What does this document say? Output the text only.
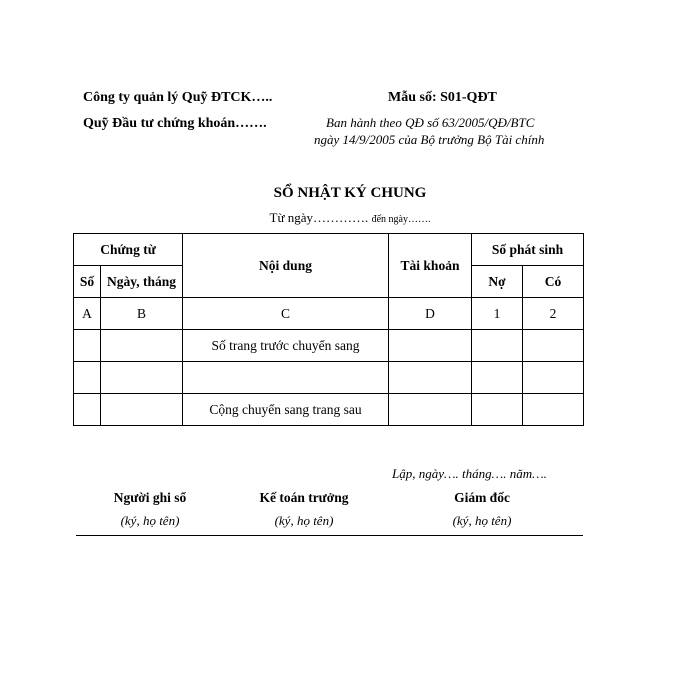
Công ty quản lý Quỹ ĐTCK…..
Quỹ Đầu tư chứng khoán…….
Mẫu số: S01-QĐT
Ban hành theo QĐ số 63/2005/QĐ/BTC
ngày 14/9/2005 của Bộ trưởng Bộ Tài chính
SỔ NHẬT KÝ CHUNG
Từ ngày…………. đến ngày…….
Chứng từ		Nội dung	Tài khoản	Số phát sinh	
Số	Ngày, tháng			Nợ	Có
A	B	C	D	1	2
		Số trang trước chuyển sang			

		Cộng chuyển sang trang sau			
Lập, ngày…. tháng…. năm….
Người ghi sổ	Kế toán trưởng	Giám đốc
(ký, họ tên)	(ký, họ tên)	(ký, họ tên)
